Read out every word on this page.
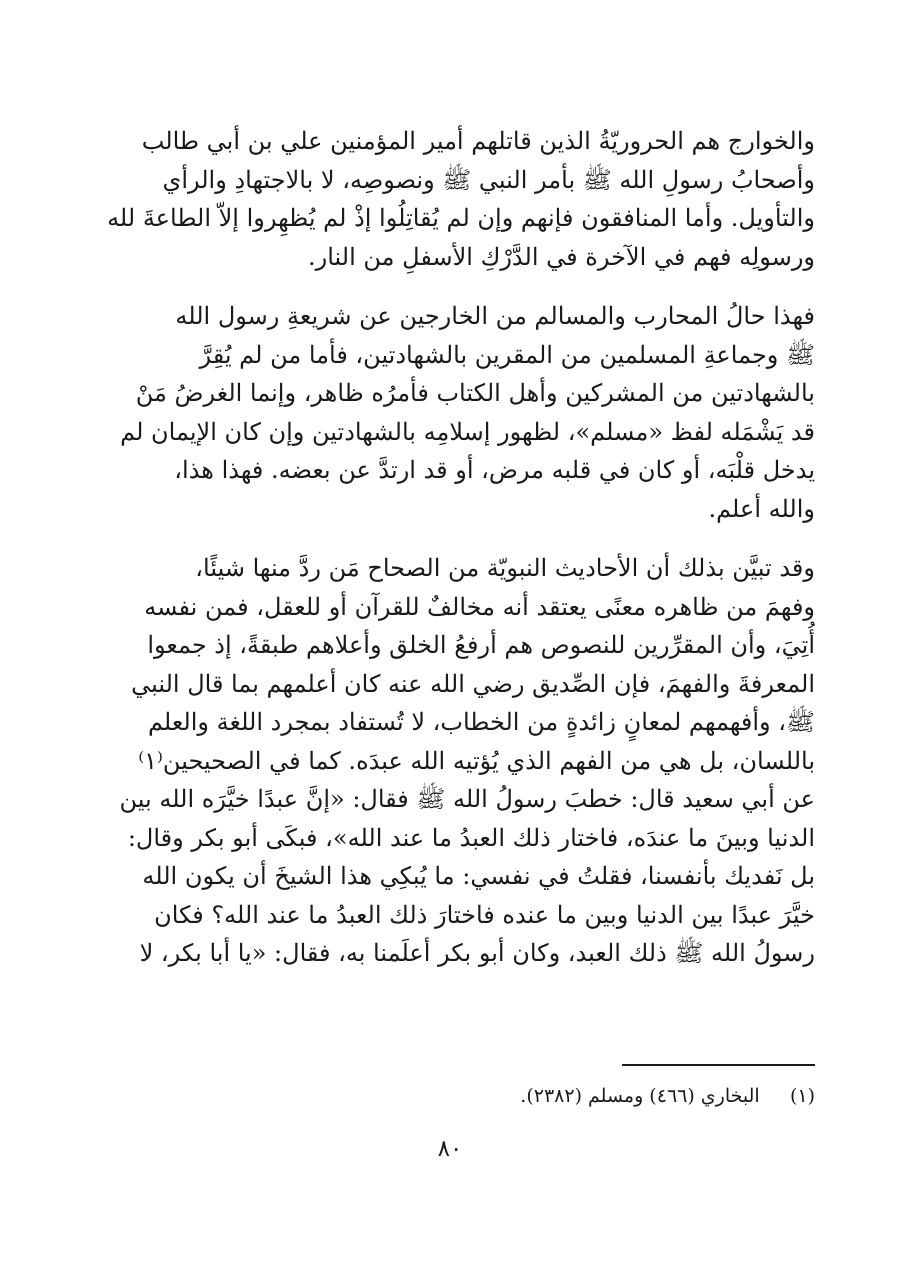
والخوارج هم الحروريّةُ الذين قاتلهم أمير المؤمنين علي بن أبي طالب
وأصحابُ رسولِ الله ﷺ بأمر النبي ﷺ ونصوصِه، لا بالاجتهادِ والرأي
والتأويل. وأما المنافقون فإنهم وإن لم يُقاتِلُوا إذْ لم يُظهِروا إلاّ الطاعةَ لله
ورسولِه فهم في الآخرة في الدَّرْكِ الأسفلِ من النار.
فهذا حالُ المحارب والمسالم من الخارجين عن شريعةِ رسول الله
ﷺ وجماعةِ المسلمين من المقرين بالشهادتين، فأما من لم يُقِرَّ
بالشهادتين من المشركين وأهل الكتاب فأمرُه ظاهر، وإنما الغرضُ مَنْ
قد يَشْمَله لفظ «مسلم»، لظهور إسلامِه بالشهادتين وإن كان الإيمان لم
يدخل قلْبَه، أو كان في قلبه مرض، أو قد ارتدَّ عن بعضه. فهذا هذا،
والله أعلم.
وقد تبيَّن بذلك أن الأحاديث النبويّة من الصحاح مَن ردَّ منها شيئًا،
وفهمَ من ظاهره معنًى يعتقد أنه مخالفٌ للقرآن أو للعقل، فمن نفسه
أُتِيَ، وأن المقرِّرين للنصوص هم أرفعُ الخلق وأعلاهم طبقةً، إذ جمعوا
المعرفةَ والفهمَ، فإن الصِّديق رضي الله عنه كان أعلمهم بما قال النبي
ﷺ، وأفهمهم لمعانٍ زائدةٍ من الخطاب، لا تُستفاد بمجرد اللغة والعلم
باللسان، بل هي من الفهم الذي يُؤتيه الله عبدَه. كما في الصحيحين⁽١⁾
عن أبي سعيد قال: خطبَ رسولُ الله ﷺ فقال: «إنَّ عبدًا خيَّرَه الله بين
الدنيا وبينَ ما عندَه، فاختار ذلك العبدُ ما عند الله»، فبكَى أبو بكر وقال:
بل نَفديك بأنفسنا، فقلتُ في نفسي: ما يُبكِي هذا الشيخَ أن يكون الله
خيَّرَ عبدًا بين الدنيا وبين ما عنده فاختارَ ذلك العبدُ ما عند الله؟ فكان
رسولُ الله ﷺ ذلك العبد، وكان أبو بكر أعلَمنا به، فقال: «يا أبا بكر، لا
(١)     البخاري (٤٦٦) ومسلم (٢٣٨٢).
٨٠
